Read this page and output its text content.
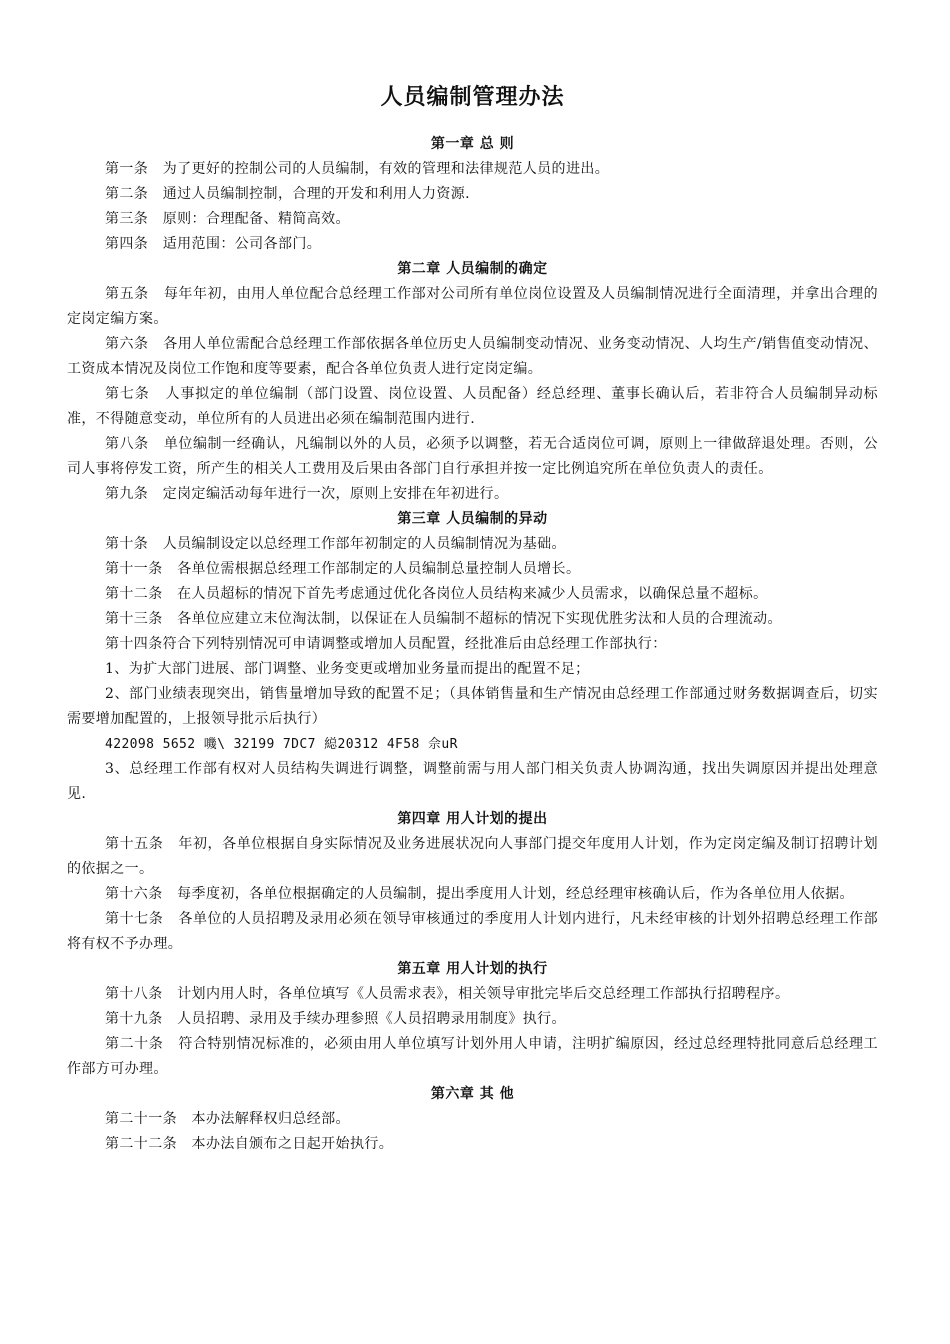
人员编制管理办法
第一章 总 则

第一条   为了更好的控制公司的人员编制，有效的管理和法律规范人员的进出。

第二条   通过人员编制控制，合理的开发和利用人力资源.

第三条   原则：合理配备、精简高效。

第四条   适用范围：公司各部门。

第二章 人员编制的确定

第五条   每年年初，由用人单位配合总经理工作部对公司所有单位岗位设置及人员编制情况进行全面清理，并拿出合理的定岗定编方案。

第六条   各用人单位需配合总经理工作部依据各单位历史人员编制变动情况、业务变动情况、人均生产/销售值变动情况、工资成本情况及岗位工作饱和度等要素，配合各单位负责人进行定岗定编。

第七条   人事拟定的单位编制（部门设置、岗位设置、人员配备）经总经理、董事长确认后，若非符合人员编制异动标准，不得随意变动，单位所有的人员进出必须在编制范围内进行.

第八条   单位编制一经确认，凡编制以外的人员，必须予以调整，若无合适岗位可调，原则上一律做辞退处理。否则，公司人事将停发工资，所产生的相关人工费用及后果由各部门自行承担并按一定比例追究所在单位负责人的责任。

第九条   定岗定编活动每年进行一次，原则上安排在年初进行。

第三章 人员编制的异动

第十条   人员编制设定以总经理工作部年初制定的人员编制情况为基础。

第十一条   各单位需根据总经理工作部制定的人员编制总量控制人员增长。

第十二条   在人员超标的情况下首先考虑通过优化各岗位人员结构来减少人员需求，以确保总量不超标。

第十三条   各单位应建立末位淘汰制，以保证在人员编制不超标的情况下实现优胜劣汰和人员的合理流动。

第十四条符合下列特别情况可申请调整或增加人员配置，经批准后由总经理工作部执行：

1、为扩大部门进展、部门调整、业务变更或增加业务量而提出的配置不足；

2、部门业绩表现突出，销售量增加导致的配置不足；（具体销售量和生产情况由总经理工作部通过财务数据调查后，切实需要增加配置的，上报领导批示后执行）

422098 5652 嘰\ 32199 7DC7 縂20312 4F58 佘uR

3、总经理工作部有权对人员结构失调进行调整，调整前需与用人部门相关负责人协调沟通，找出失调原因并提出处理意见.

第四章 用人计划的提出

第十五条   年初，各单位根据自身实际情况及业务进展状况向人事部门提交年度用人计划，作为定岗定编及制订招聘计划的依据之一。

第十六条   每季度初，各单位根据确定的人员编制，提出季度用人计划，经总经理审核确认后，作为各单位用人依据。

第十七条   各单位的人员招聘及录用必须在领导审核通过的季度用人计划内进行，凡未经审核的计划外招聘总经理工作部将有权不予办理。

第五章 用人计划的执行

第十八条   计划内用人时，各单位填写《人员需求表》，相关领导审批完毕后交总经理工作部执行招聘程序。

第十九条   人员招聘、录用及手续办理参照《人员招聘录用制度》执行。

第二十条   符合特别情况标准的，必须由用人单位填写计划外用人申请，注明扩编原因，经过总经理特批同意后总经理工作部方可办理。

第六章 其 他

第二十一条   本办法解释权归总经部。

第二十二条   本办法自颁布之日起开始执行。
